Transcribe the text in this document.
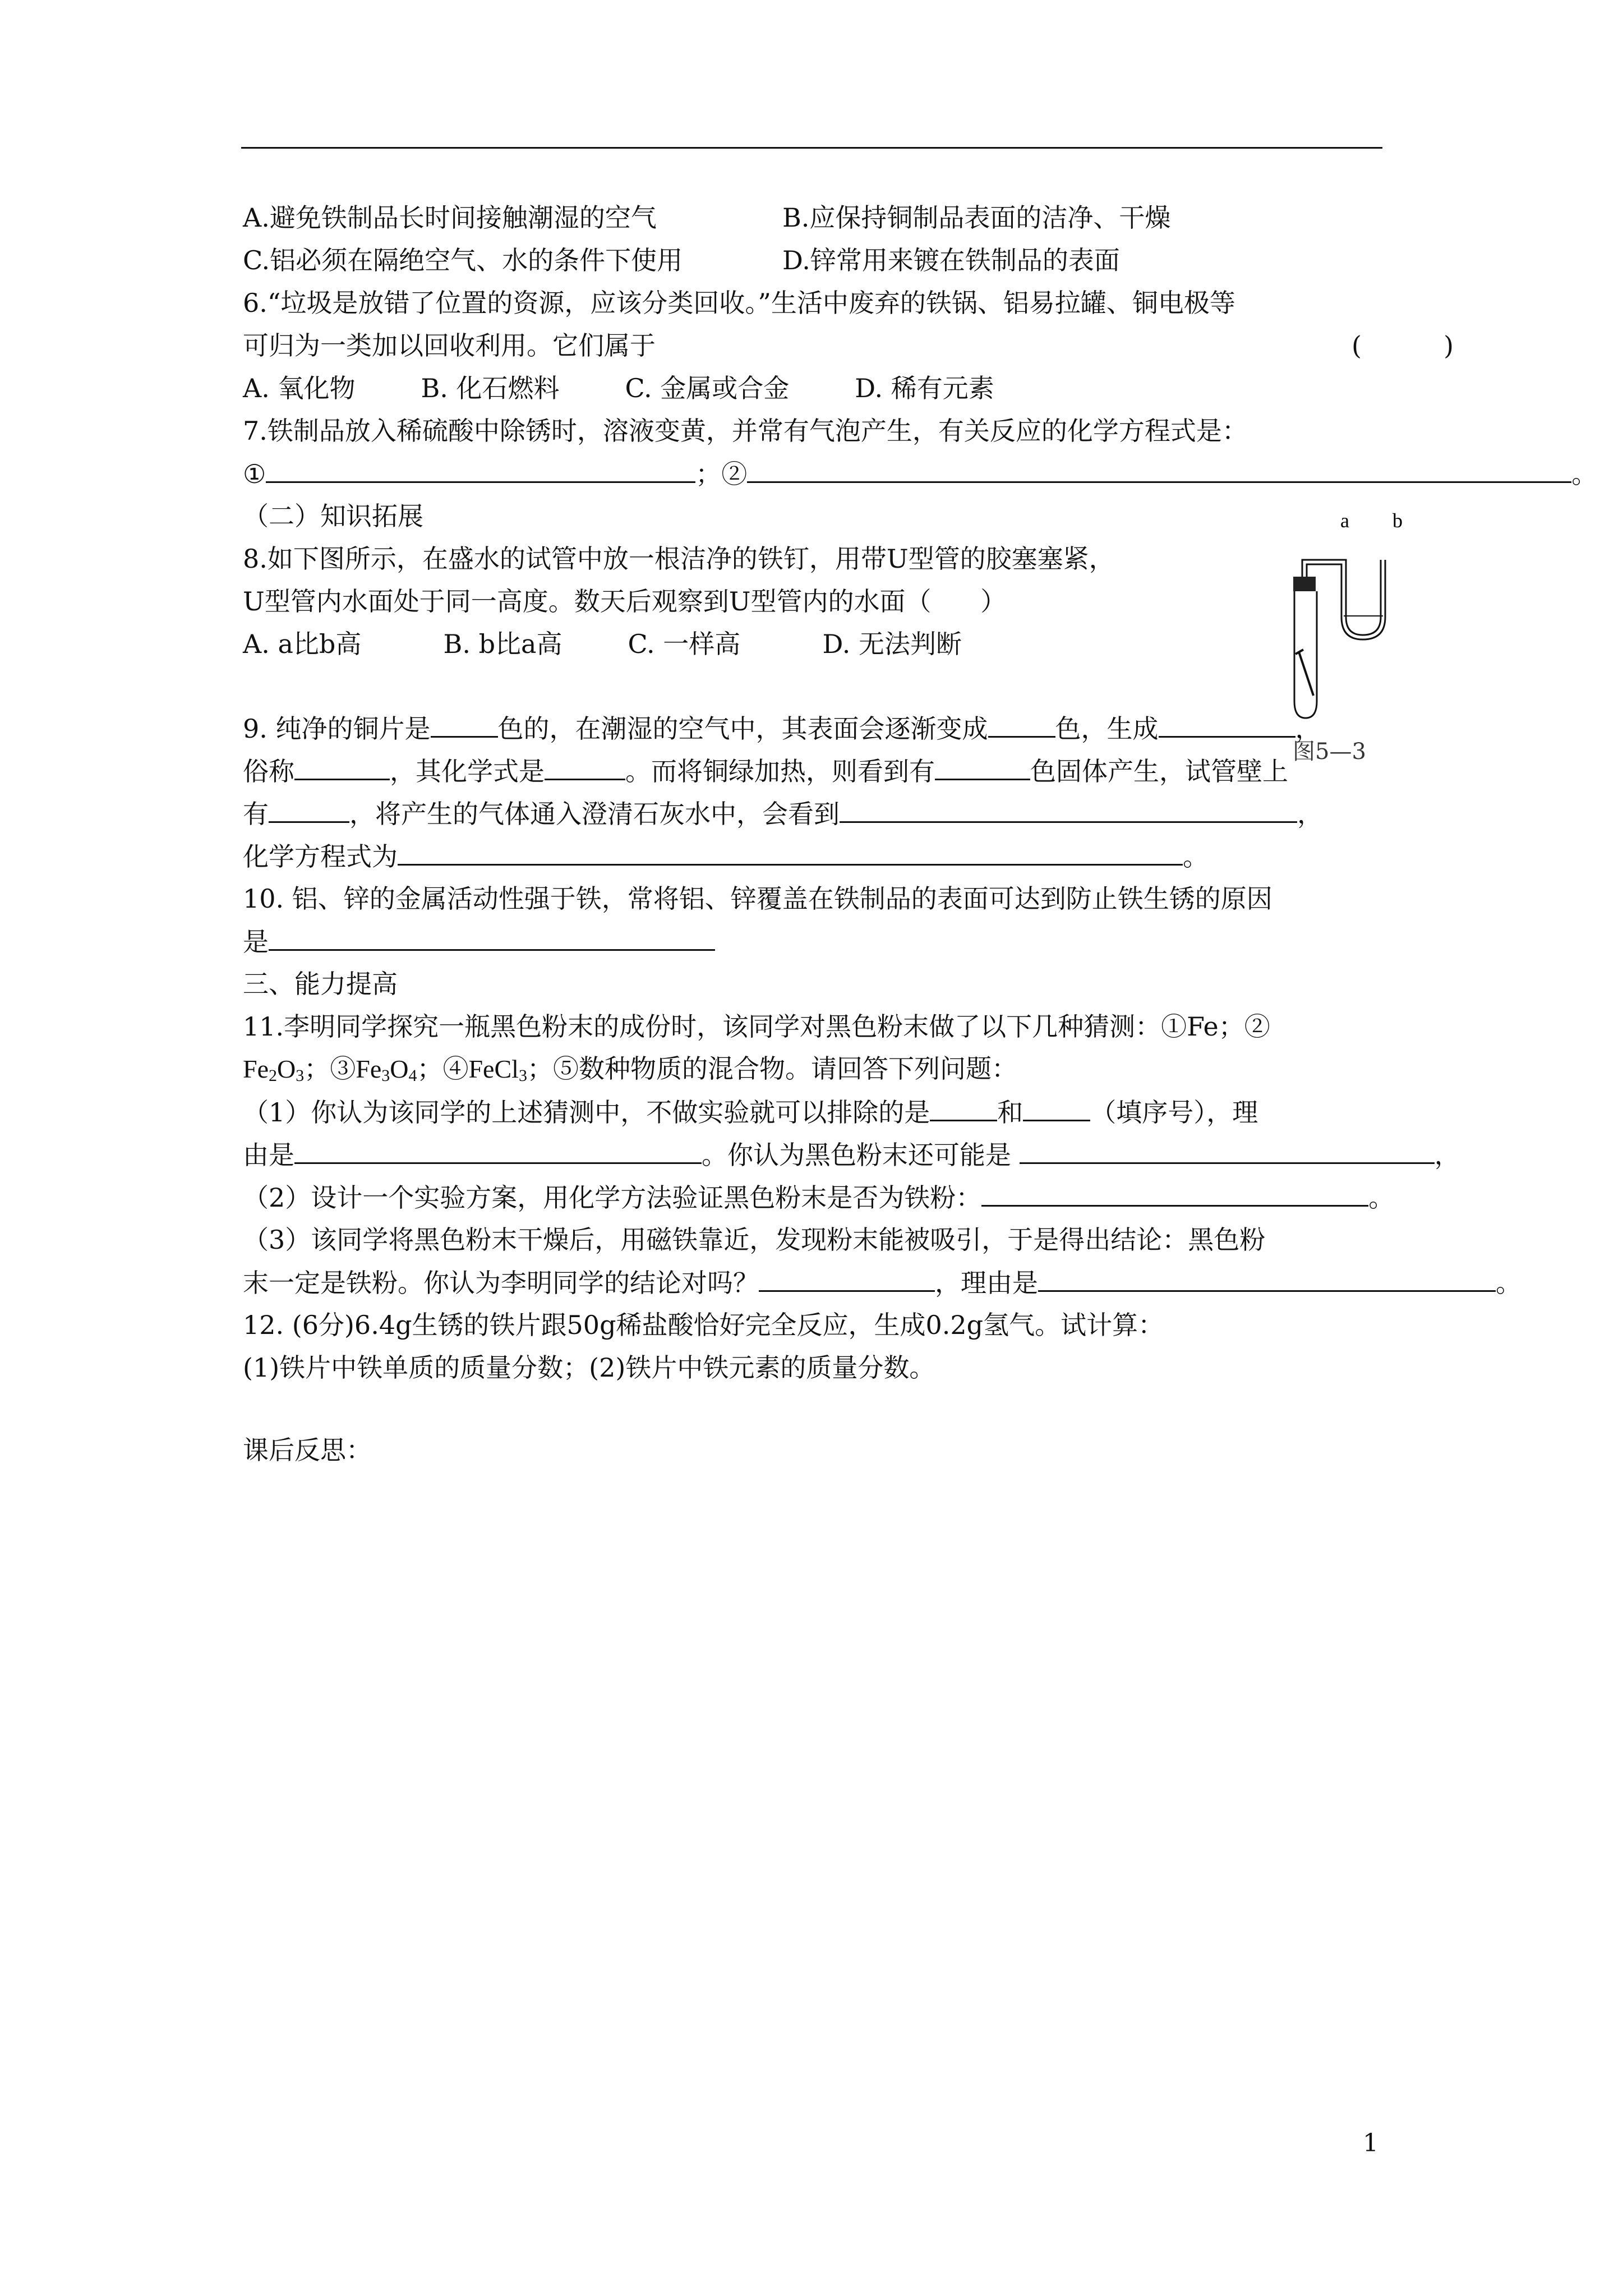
A.避免铁制品长时间接触潮湿的空气	B.应保持铜制品表面的洁净、干燥
C.铝必须在隔绝空气、水的条件下使用	D.锌常用来镀在铁制品的表面
6.“垃圾是放错了位置的资源，应该分类回收。”生活中废弃的铁锅、铝易拉罐、铜电极等
可归为一类加以回收利用。它们属于	(          )
A. 氧化物        B. 化石燃料        C. 金属或合金        D. 稀有元素
7.铁制品放入稀硫酸中除锈时，溶液变黄，并常有气泡产生，有关反应的化学方程式是：
①	；②	。
（二）知识拓展
8.如下图所示，在盛水的试管中放一根洁净的铁钉，用带U型管的胶塞塞紧，
U型管内水面处于同一高度。数天后观察到U型管内的水面（      ）
A. a比b高          B. b比a高        C. 一样高          D. 无法判断
a b
图5—3
9. 纯净的铜片是	色的，在潮湿的空气中，其表面会逐渐变成	色，生成	，
俗称	，其化学式是	。而将铜绿加热，则看到有	色固体产生，试管壁上
有	，将产生的气体通入澄清石灰水中，会看到	，
化学方程式为	。
10. 铝、锌的金属活动性强于铁，常将铝、锌覆盖在铁制品的表面可达到防止铁生锈的原因
是
三、能力提高
11.李明同学探究一瓶黑色粉末的成份时，该同学对黑色粉末做了以下几种猜测：①Fe；②
$Fe_2O_3$；$③Fe_3O_4$；④FeCl$_3$；⑤数种物质的混合物。请回答下列问题：
（1）你认为该同学的上述猜测中，不做实验就可以排除的是	和	（填序号），理
由是	。你认为黑色粉末还可能是	，
（2）设计一个实验方案，用化学方法验证黑色粉末是否为铁粉：	。
（3）该同学将黑色粉末干燥后，用磁铁靠近，发现粉末能被吸引，于是得出结论：黑色粉
末一定是铁粉。你认为李明同学的结论对吗？	，理由是	。
12. (6分)6.4g生锈的铁片跟50g稀盐酸恰好完全反应，生成0.2g氢气。试计算：
(1)铁片中铁单质的质量分数；(2)铁片中铁元素的质量分数。
课后反思：
1
